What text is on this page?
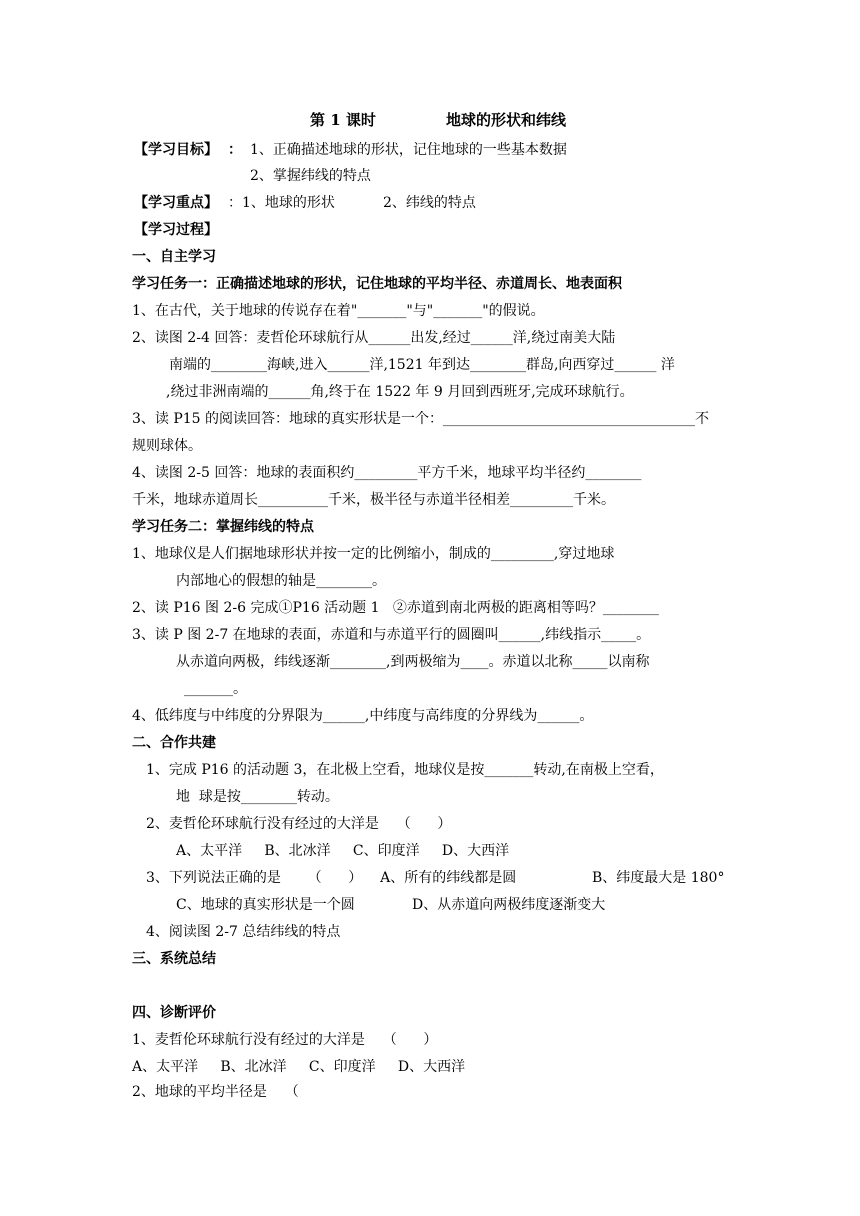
第 1 课时	地球的形状和纬线
【学习目标】 ： 1、正确描述地球的形状，记住地球的一些基本数据
2、掌握纬线的特点
【学习重点】 ：1、地球的形状	2、纬线的特点
【学习过程】
一、自主学习
学习任务一：正确描述地球的形状，记住地球的平均半径、赤道周长、地表面积
1、在古代，关于地球的传说存在着"_______"与"_______"的假说。
2、读图 2-4 回答：麦哲伦环球航行从______出发,经过______洋,绕过南美大陆
南端的________海峡,进入______洋,1521 年到达________群岛,向西穿过______ 洋
,绕过非洲南端的______角,终于在 1522 年 9 月回到西班牙,完成环球航行。
3、读 P15 的阅读回答：地球的真实形状是一个：____________________________________不
规则球体。
4、读图 2-5 回答：地球的表面积约_________平方千米，地球平均半径约________
千米，地球赤道周长__________千米，极半径与赤道半径相差_________千米。
学习任务二：掌握纬线的特点
1、地球仪是人们据地球形状并按一定的比例缩小，制成的_________,穿过地球
内部地心的假想的轴是________。
2、读 P16 图 2-6 完成①P16 活动题 1   ②赤道到南北两极的距离相等吗？________
3、读 P 图 2-7 在地球的表面，赤道和与赤道平行的圆圈叫______,纬线指示_____。
从赤道向两极，纬线逐渐________,到两极缩为____。赤道以北称_____以南称
_______。
4、低纬度与中纬度的分界限为______,中纬度与高纬度的分界线为______。
二、合作共建
1、完成 P16 的活动题 3，在北极上空看，地球仪是按_______转动,在南极上空看，
地  球是按________转动。
2、麦哲伦环球航行没有经过的大洋是    （      ）
A、太平洋     B、北冰洋     C、印度洋     D、大西洋
3、下列说法正确的是      （      ）    A、所有的纬线都是圆	B、纬度最大是 180°
C、地球的真实形状是一个圆	D、从赤道向两极纬度逐渐变大
4、阅读图 2-7 总结纬线的特点
三、系统总结
四、诊断评价
1、麦哲伦环球航行没有经过的大洋是    （      ）
A、太平洋     B、北冰洋     C、印度洋     D、大西洋
2、地球的平均半径是    （
